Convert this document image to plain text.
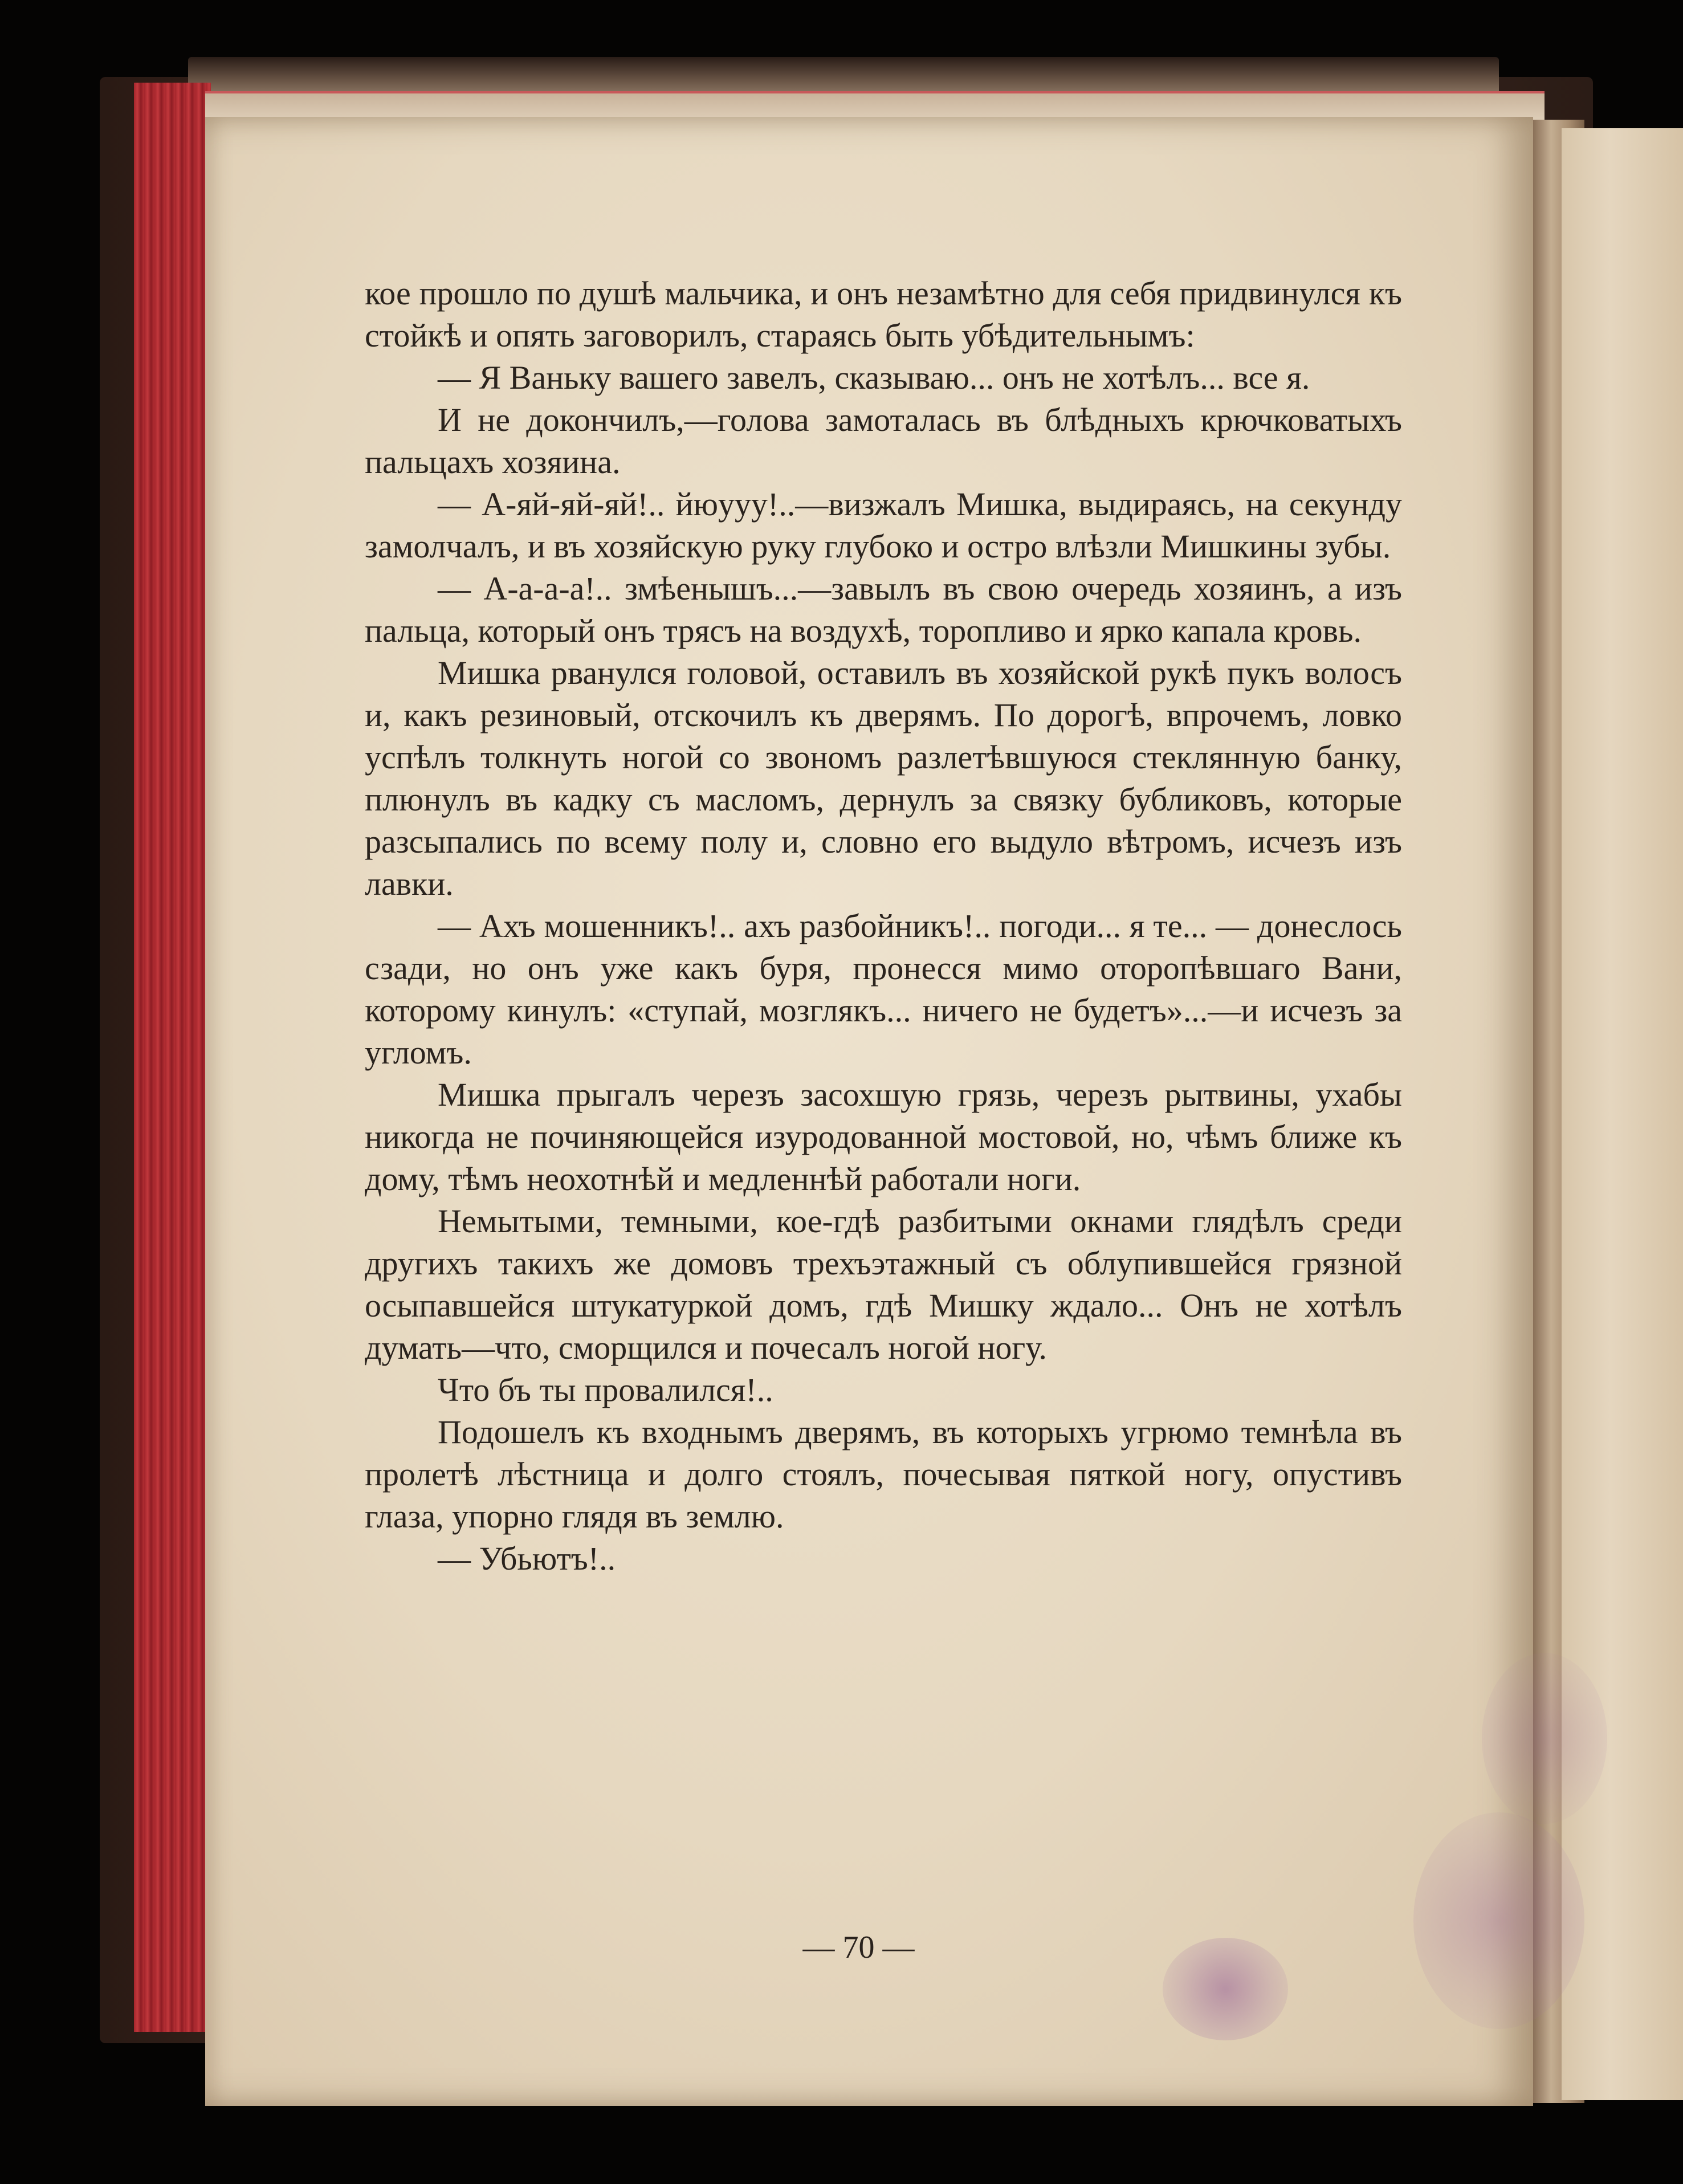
кое прошло по душѣ мальчика, и онъ незамѣтно для себя придвинулся къ стойкѣ и опять заговорилъ, стараясь быть убѣдительнымъ:

— Я Ваньку вашего завелъ, сказываю... онъ не хотѣлъ... все я.

И не докончилъ,—голова замоталась въ блѣдныхъ крючковатыхъ пальцахъ хозяина.

— А-яй-яй-яй!.. йюууу!..—визжалъ Мишка, выдираясь, на секунду замолчалъ, и въ хозяйскую руку глубоко и остро влѣзли Мишкины зубы.

— А-а-а-а!.. змѣенышъ...—завылъ въ свою очередь хозяинъ, а изъ пальца, который онъ трясъ на воздухѣ, торопливо и ярко капала кровь.

Мишка рванулся головой, оставилъ въ хозяйской рукѣ пукъ волосъ и, какъ резиновый, отскочилъ къ дверямъ. По дорогѣ, впрочемъ, ловко успѣлъ толкнуть ногой со звономъ разлетѣвшуюся стеклянную банку, плюнулъ въ кадку съ масломъ, дернулъ за связку бубликовъ, которые разсыпались по всему полу и, словно его выдуло вѣтромъ, исчезъ изъ лавки.

— Ахъ мошенникъ!.. ахъ разбойникъ!.. погоди... я те... — донеслось сзади, но онъ уже какъ буря, пронесся мимо оторопѣвшаго Вани, которому кинулъ: «ступай, мозглякъ... ничего не будетъ»...—и исчезъ за угломъ.

Мишка прыгалъ черезъ засохшую грязь, черезъ рытвины, ухабы никогда не починяющейся изуродованной мостовой, но, чѣмъ ближе къ дому, тѣмъ неохотнѣй и медленнѣй работали ноги.

Немытыми, темными, кое-гдѣ разбитыми окнами глядѣлъ среди другихъ такихъ же домовъ трехъэтажный съ облупившейся грязной осыпавшейся штукатуркой домъ, гдѣ Мишку ждало... Онъ не хотѣлъ думать—что, сморщился и почесалъ ногой ногу.

Что бъ ты провалился!..

Подошелъ къ входнымъ дверямъ, въ которыхъ угрюмо темнѣла въ пролетѣ лѣстница и долго стоялъ, почесывая пяткой ногу, опустивъ глаза, упорно глядя въ землю.

— Убьютъ!..

— 70 —
